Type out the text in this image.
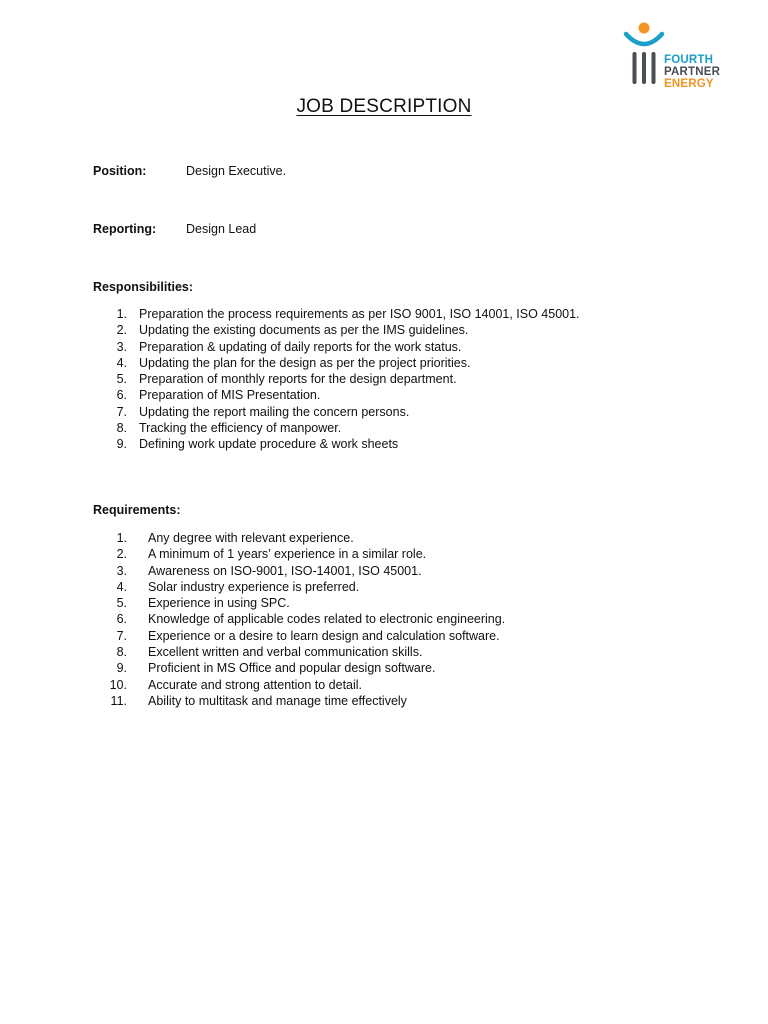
FOURTH
PARTNER
ENERGY
JOB DESCRIPTION
Position:	Design Executive.
Reporting: Design Lead
Responsibilities:
1. Preparation the process requirements as per ISO 9001, ISO 14001, ISO 45001.
2. Updating the existing documents as per the IMS guidelines.
3. Preparation & updating of daily reports for the work status.
4. Updating the plan for the design as per the project priorities.
5. Preparation of monthly reports for the design department.
6. Preparation of MIS Presentation.
7. Updating the report mailing the concern persons.
8. Tracking the efficiency of manpower.
9. Defining work update procedure & work sheets
Requirements:
1. Any degree with relevant experience.
2. A minimum of 1 years’ experience in a similar role.
3. Awareness on ISO-9001, ISO-14001, ISO 45001.
4. Solar industry experience is preferred.
5. Experience in using SPC.
6. Knowledge of applicable codes related to electronic engineering.
7. Experience or a desire to learn design and calculation software.
8. Excellent written and verbal communication skills.
9. Proficient in MS Office and popular design software.
10. Accurate and strong attention to detail.
11. Ability to multitask and manage time effectively
